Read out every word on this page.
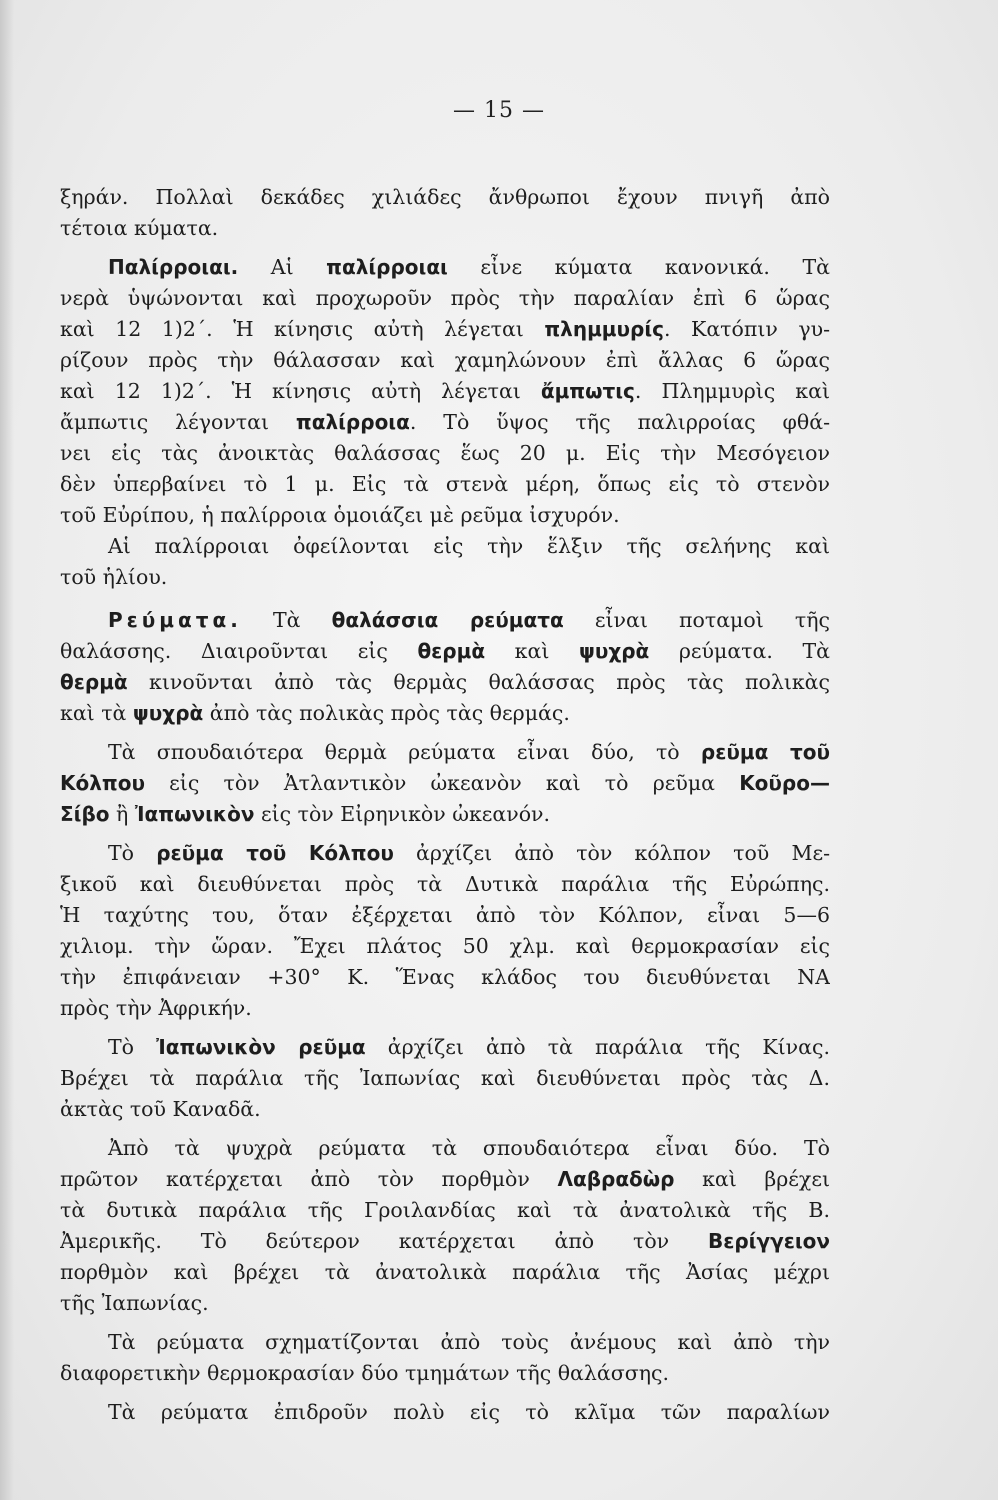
— 15 —
ξηράν. Πολλαὶ δεκάδες χιλιάδες ἄνθρωποι ἔχουν πνιγῆ ἀπὸ
τέτοια κύματα.
Παλίρροιαι. Αἱ παλίρροιαι εἶνε κύματα κανονικά. Τὰ
νερὰ ὑψώνονται καὶ προχωροῦν πρὸς τὴν παραλίαν ἐπὶ 6 ὥρας
καὶ 12 1)2΄. Ἡ κίνησις αὐτὴ λέγεται πλημμυρίς. Κατόπιν γυ-
ρίζουν πρὸς τὴν θάλασσαν καὶ χαμηλώνουν ἐπὶ ἄλλας 6 ὥρας
καὶ 12 1)2΄. Ἡ κίνησις αὐτὴ λέγεται ἄμπωτις. Πλημμυρὶς καὶ
ἄμπωτις λέγονται παλίρροια. Τὸ ὕψος τῆς παλιρροίας φθά-
νει εἰς τὰς ἀνοικτὰς θαλάσσας ἕως 20 μ. Εἰς τὴν Μεσόγειον
δὲν ὑπερβαίνει τὸ 1 μ. Εἰς τὰ στενὰ μέρη, ὅπως εἰς τὸ στενὸν
τοῦ Εὐρίπου, ἡ παλίρροια ὁμοιάζει μὲ ρεῦμα ἰσχυρόν.
Αἱ παλίρροιαι ὀφείλονται εἰς τὴν ἕλξιν τῆς σελήνης καὶ
τοῦ ἡλίου.
Ρεύματα. Τὰ θαλάσσια ρεύματα εἶναι ποταμοὶ τῆς
θαλάσσης. Διαιροῦνται εἰς θερμὰ καὶ ψυχρὰ ρεύματα. Τὰ
θερμὰ κινοῦνται ἀπὸ τὰς θερμὰς θαλάσσας πρὸς τὰς πολικὰς
καὶ τὰ ψυχρὰ ἀπὸ τὰς πολικὰς πρὸς τὰς θερμάς.
Τὰ σπουδαιότερα θερμὰ ρεύματα εἶναι δύο, τὸ ρεῦμα τοῦ
Κόλπου εἰς τὸν Ἀτλαντικὸν ὠκεανὸν καὶ τὸ ρεῦμα Κοῦρο—
Σίβο ἢ Ἰαπωνικὸν εἰς τὸν Εἰρηνικὸν ὠκεανόν.
Τὸ ρεῦμα τοῦ Κόλπου ἀρχίζει ἀπὸ τὸν κόλπον τοῦ Με-
ξικοῦ καὶ διευθύνεται πρὸς τὰ Δυτικὰ παράλια τῆς Εὐρώπης.
Ἡ ταχύτης του, ὅταν ἐξέρχεται ἀπὸ τὸν Κόλπον, εἶναι 5—6
χιλιομ. τὴν ὥραν. Ἔχει πλάτος 50 χλμ. καὶ θερμοκρασίαν εἰς
τὴν ἐπιφάνειαν +30° Κ. Ἕνας κλάδος του διευθύνεται ΝΑ
πρὸς τὴν Ἀφρικήν.
Τὸ Ἰαπωνικὸν ρεῦμα ἀρχίζει ἀπὸ τὰ παράλια τῆς Κίνας.
Βρέχει τὰ παράλια τῆς Ἰαπωνίας καὶ διευθύνεται πρὸς τὰς Δ.
ἀκτὰς τοῦ Καναδᾶ.
Ἀπὸ τὰ ψυχρὰ ρεύματα τὰ σπουδαιότερα εἶναι δύο. Τὸ
πρῶτον κατέρχεται ἀπὸ τὸν πορθμὸν Λαβραδὼρ καὶ βρέχει
τὰ δυτικὰ παράλια τῆς Γροιλανδίας καὶ τὰ ἀνατολικὰ τῆς Β.
Ἀμερικῆς. Τὸ δεύτερον κατέρχεται ἀπὸ τὸν Βερίγγειον
πορθμὸν καὶ βρέχει τὰ ἀνατολικὰ παράλια τῆς Ἀσίας μέχρι
τῆς Ἰαπωνίας.
Τὰ ρεύματα σχηματίζονται ἀπὸ τοὺς ἀνέμους καὶ ἀπὸ τὴν
διαφορετικὴν θερμοκρασίαν δύο τμημάτων τῆς θαλάσσης.
Τὰ ρεύματα ἐπιδροῦν πολὺ εἰς τὸ κλῖμα τῶν παραλίων
